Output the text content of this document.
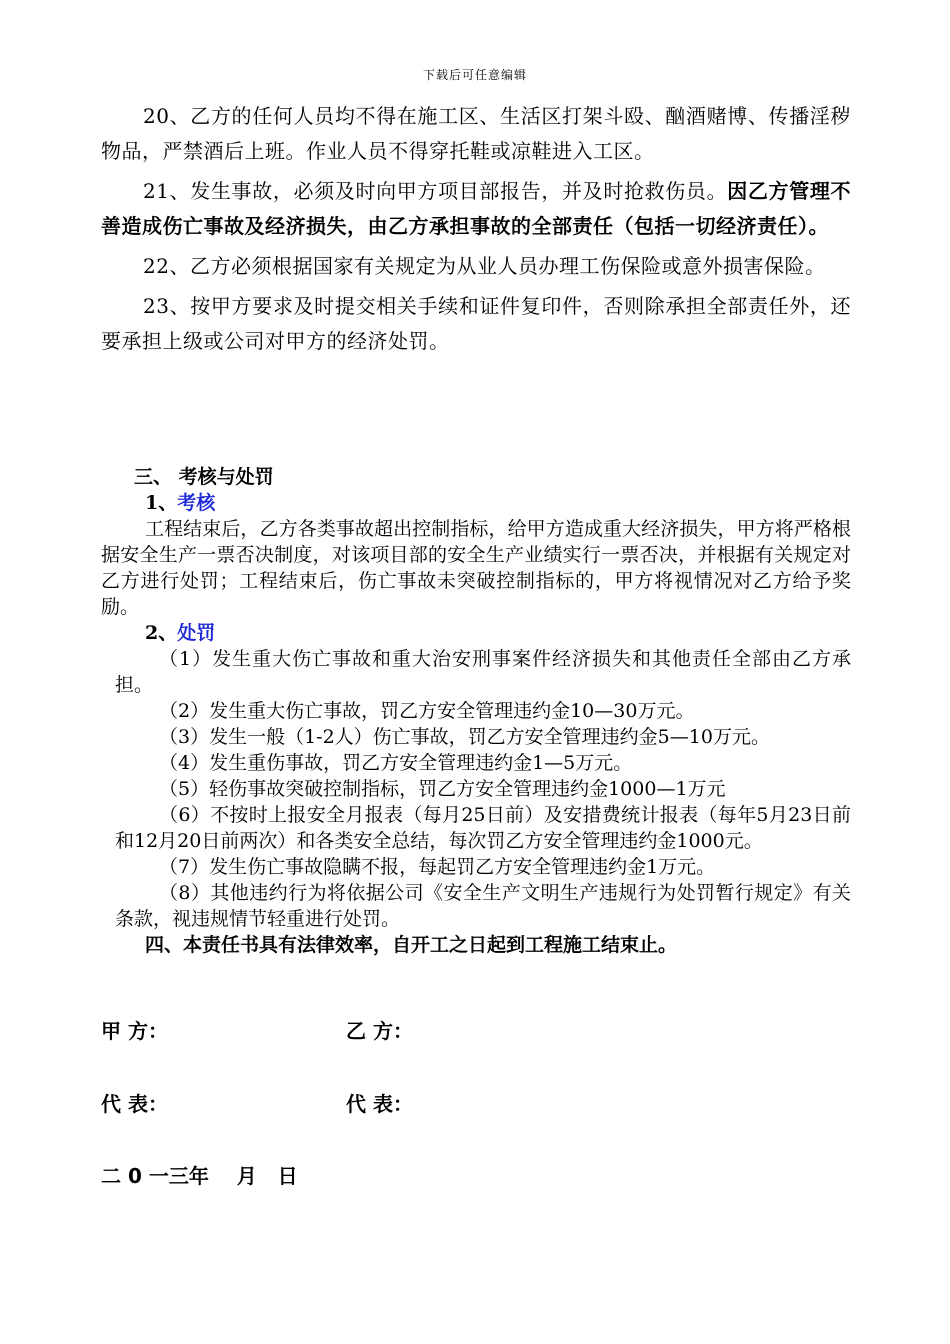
下载后可任意编辑
20、乙方的任何人员均不得在施工区、生活区打架斗殴、酗酒赌博、传播淫秽物品，严禁酒后上班。作业人员不得穿托鞋或凉鞋进入工区。
21、发生事故，必须及时向甲方项目部报告，并及时抢救伤员。因乙方管理不善造成伤亡事故及经济损失，由乙方承担事故的全部责任（包括一切经济责任）。
22、乙方必须根据国家有关规定为从业人员办理工伤保险或意外损害保险。
23、按甲方要求及时提交相关手续和证件复印件，否则除承担全部责任外，还要承担上级或公司对甲方的经济处罚。
三、 考核与处罚
1、考核
工程结束后，乙方各类事故超出控制指标，给甲方造成重大经济损失，甲方将严格根据安全生产一票否决制度，对该项目部的安全生产业绩实行一票否决，并根据有关规定对乙方进行处罚；工程结束后，伤亡事故未突破控制指标的，甲方将视情况对乙方给予奖励。
2、处罚
（1）发生重大伤亡事故和重大治安刑事案件经济损失和其他责任全部由乙方承担。
（2）发生重大伤亡事故，罚乙方安全管理违约金10—30万元。
（3）发生一般（1-2人）伤亡事故，罚乙方安全管理违约金5—10万元。
（4）发生重伤事故，罚乙方安全管理违约金1—5万元。
（5）轻伤事故突破控制指标，罚乙方安全管理违约金1000—1万元
（6）不按时上报安全月报表（每月25日前）及安措费统计报表（每年5月23日前和12月20日前两次）和各类安全总结，每次罚乙方安全管理违约金1000元。
（7）发生伤亡事故隐瞒不报，每起罚乙方安全管理违约金1万元。
（8）其他违约行为将依据公司《安全生产文明生产违规行为处罚暂行规定》有关条款，视违规情节轻重进行处罚。
四、本责任书具有法律效率，自开工之日起到工程施工结束止。
甲 方：	乙 方：
代 表：	代 表：
二 0 一三年    月   日
